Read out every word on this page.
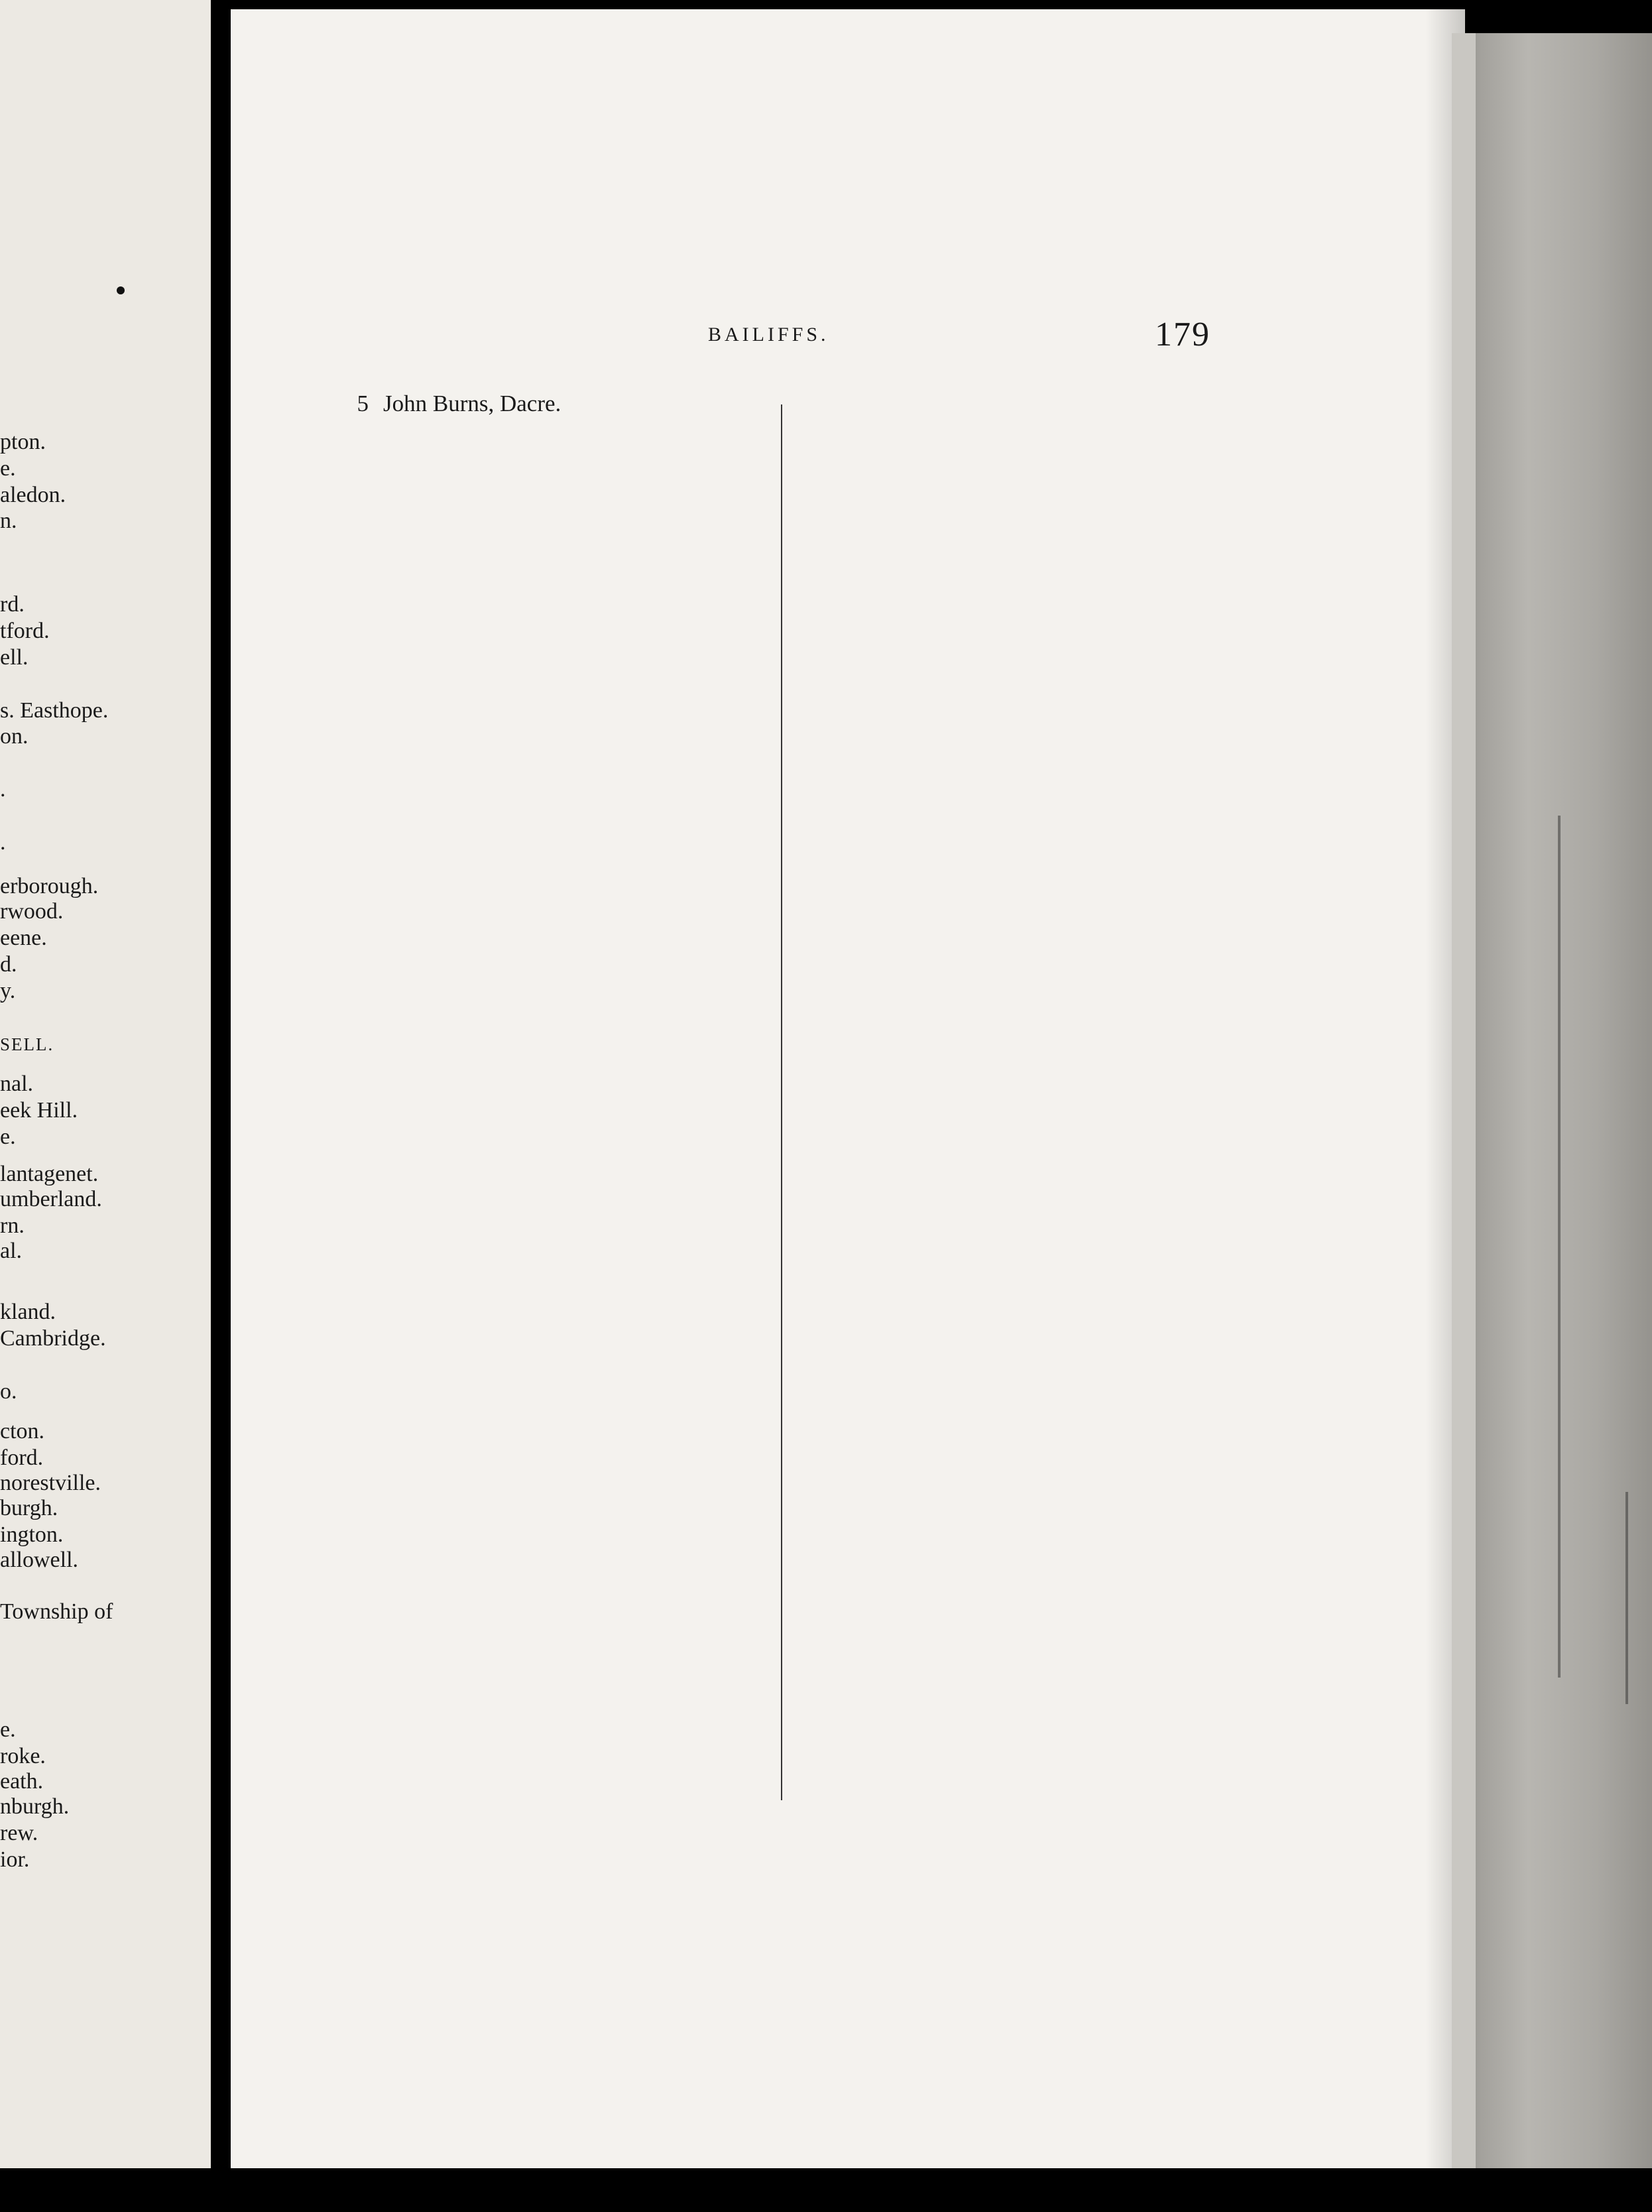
pton.
e.
aledon.
n.
rd.
tford.
ell.
s. Easthope.
on.
.
.
erborough.
rwood.
eene.
d.
y.
SELL.
nal.
eek Hill.
e.
lantagenet.
umberland.
rn.
al.
kland.
Cambridge.
o.
cton.
ford.
norestville.
burgh.
ington.
allowell.
Township of
e.
roke.
eath.
nburgh.
rew.
ior.
BAILIFFS.	179
5 John Burns, Dacre.
